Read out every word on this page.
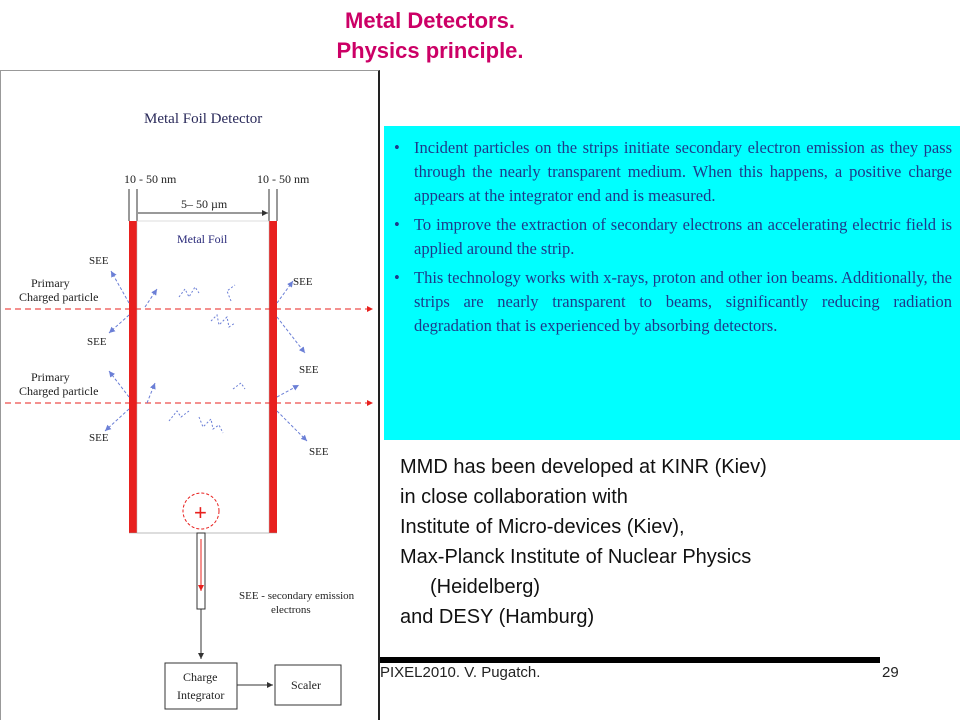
Metal Detectors.
Physics principle.
Metal Foil Detector
10 - 50 nm	10 - 50 nm
5– 50 µm
Metal Foil
Primary
Charged particle
Primary
Charged particle
SEE
SEE
SEE
SEE
SEE
SEE
+
SEE - secondary emission
electrons
Charge
Integrator
Scaler
• Incident particles on the strips initiate secondary electron emission as they pass through the nearly transparent medium. When this happens, a positive charge appears at the integrator end and is measured.
• To improve the extraction of secondary electrons an accelerating electric field is applied around the strip.
• This technology works with x-rays, proton and other ion beams. Additionally, the strips are nearly transparent to beams, significantly reducing radiation degradation that is experienced by absorbing detectors.
MMD has been developed at KINR (Kiev)
in close collaboration with
Institute of Micro-devices (Kiev),
Max-Planck Institute of Nuclear Physics
(Heidelberg)
and DESY (Hamburg)
PIXEL2010. V. Pugatch.	29
